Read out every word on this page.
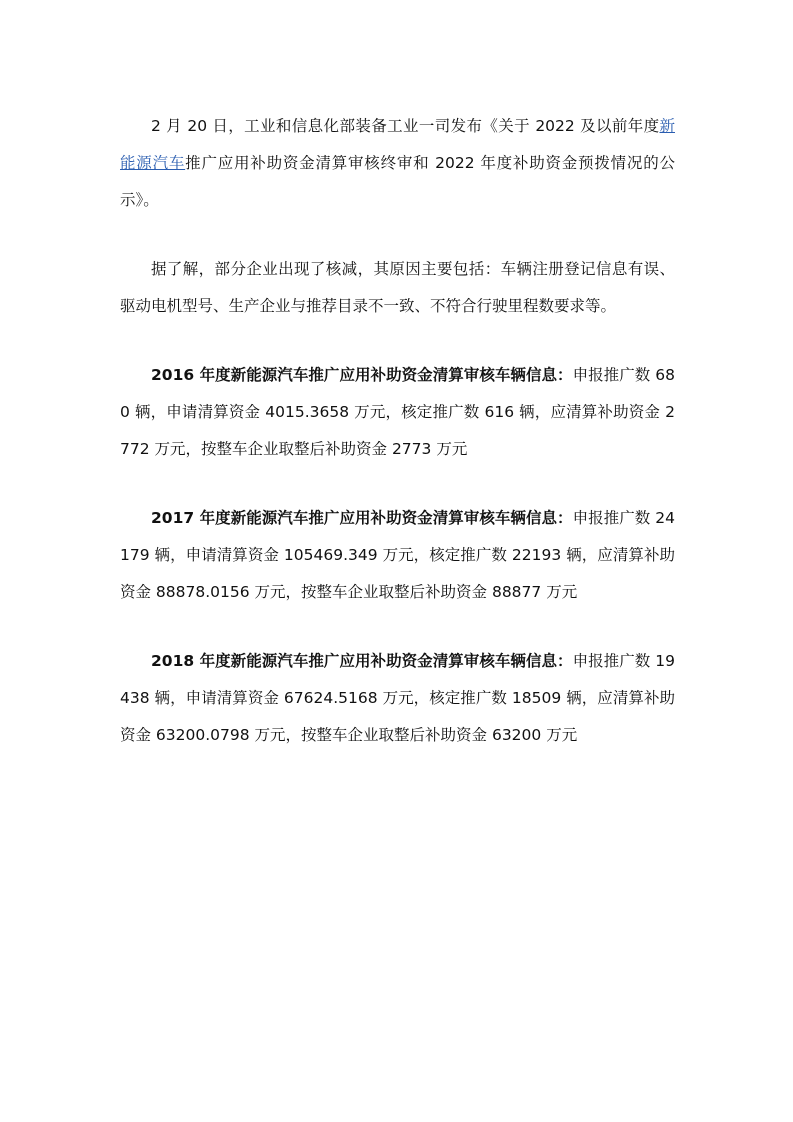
2 月 20 日，工业和信息化部装备工业一司发布《关于 2022 及以前年度新能源汽车推广应用补助资金清算审核终审和 2022 年度补助资金预拨情况的公示》。

据了解，部分企业出现了核减，其原因主要包括：车辆注册登记信息有误、驱动电机型号、生产企业与推荐目录不一致、不符合行驶里程数要求等。

2016 年度新能源汽车推广应用补助资金清算审核车辆信息：申报推广数 680 辆，申请清算资金 4015.3658 万元，核定推广数 616 辆，应清算补助资金 2772 万元，按整车企业取整后补助资金 2773 万元

2017 年度新能源汽车推广应用补助资金清算审核车辆信息：申报推广数 24179 辆，申请清算资金 105469.349 万元，核定推广数 22193 辆，应清算补助资金 88878.0156 万元，按整车企业取整后补助资金 88877 万元

2018 年度新能源汽车推广应用补助资金清算审核车辆信息：申报推广数 19438 辆，申请清算资金 67624.5168 万元，核定推广数 18509 辆，应清算补助资金 63200.0798 万元，按整车企业取整后补助资金 63200 万元
